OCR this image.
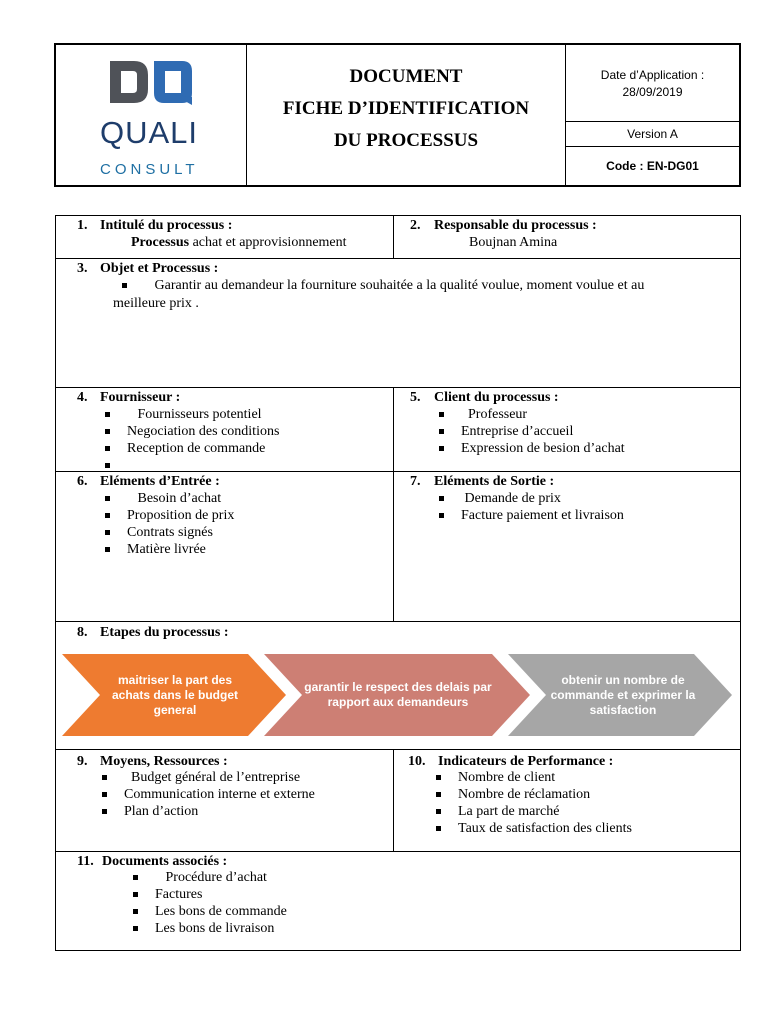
QUALI
CONSULT
DOCUMENT
FICHE D’IDENTIFICATION
DU PROCESSUS
Date d’Application :
28/09/2019
Version A
Code : EN-DG01
1. Intitulé du processus :
Processus achat et approvisionnement
2. Responsable du processus :
Boujnan Amina
3. Objet et Processus :
Garantir au demandeur la fourniture souhaitée a la qualité voulue, moment voulue et au
meilleure prix .
4. Fournisseur :
Fournisseurs potentiel
Negociation des conditions
Reception de commande

5. Client du processus :
Professeur
Entreprise d’accueil
Expression de besion d’achat
6. Eléments d’Entrée :
Besoin d’achat
Proposition de prix
Contrats signés
Matière livrée
7. Eléments de Sortie :
Demande de prix
Facture paiement et livraison
8. Etapes du processus :
maitriser la part des achats dans le budget general
garantir le respect des delais par rapport aux demandeurs
obtenir un nombre de commande et exprimer la satisfaction
9. Moyens, Ressources :
Budget général de l’entreprise
Communication interne et externe
Plan d’action
10. Indicateurs de Performance :
Nombre de client
Nombre de réclamation
La part de marché
Taux de satisfaction des clients
11. Documents associés :
Procédure d’achat
Factures
Les bons de commande
Les bons de livraison
